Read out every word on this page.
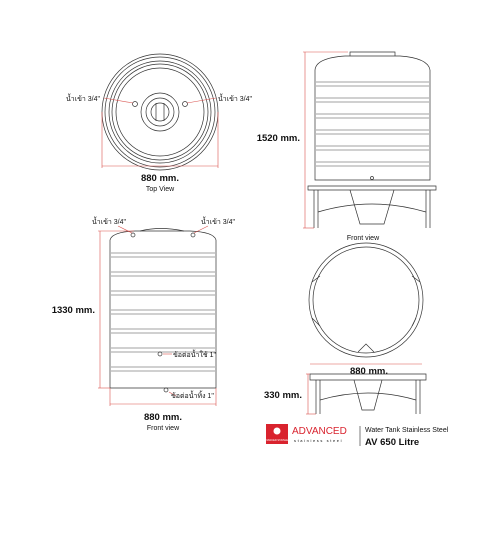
น้ำเข้า 3/4"	น้ำเข้า 3/4"
880 mm.
Top View
1520 mm.
Front view
น้ำเข้า 3/4"	น้ำเข้า 3/4"
ข้อต่อน้ำใช้ 1"
ข้อต่อน้ำทิ้ง 1"
1330 mm.
880 mm.
Front view
880 mm.
330 mm.
ADVANCED STAINLESS
ADVANCED
stainless steel
Water Tank Stainless Steel
AV 650 Litre
